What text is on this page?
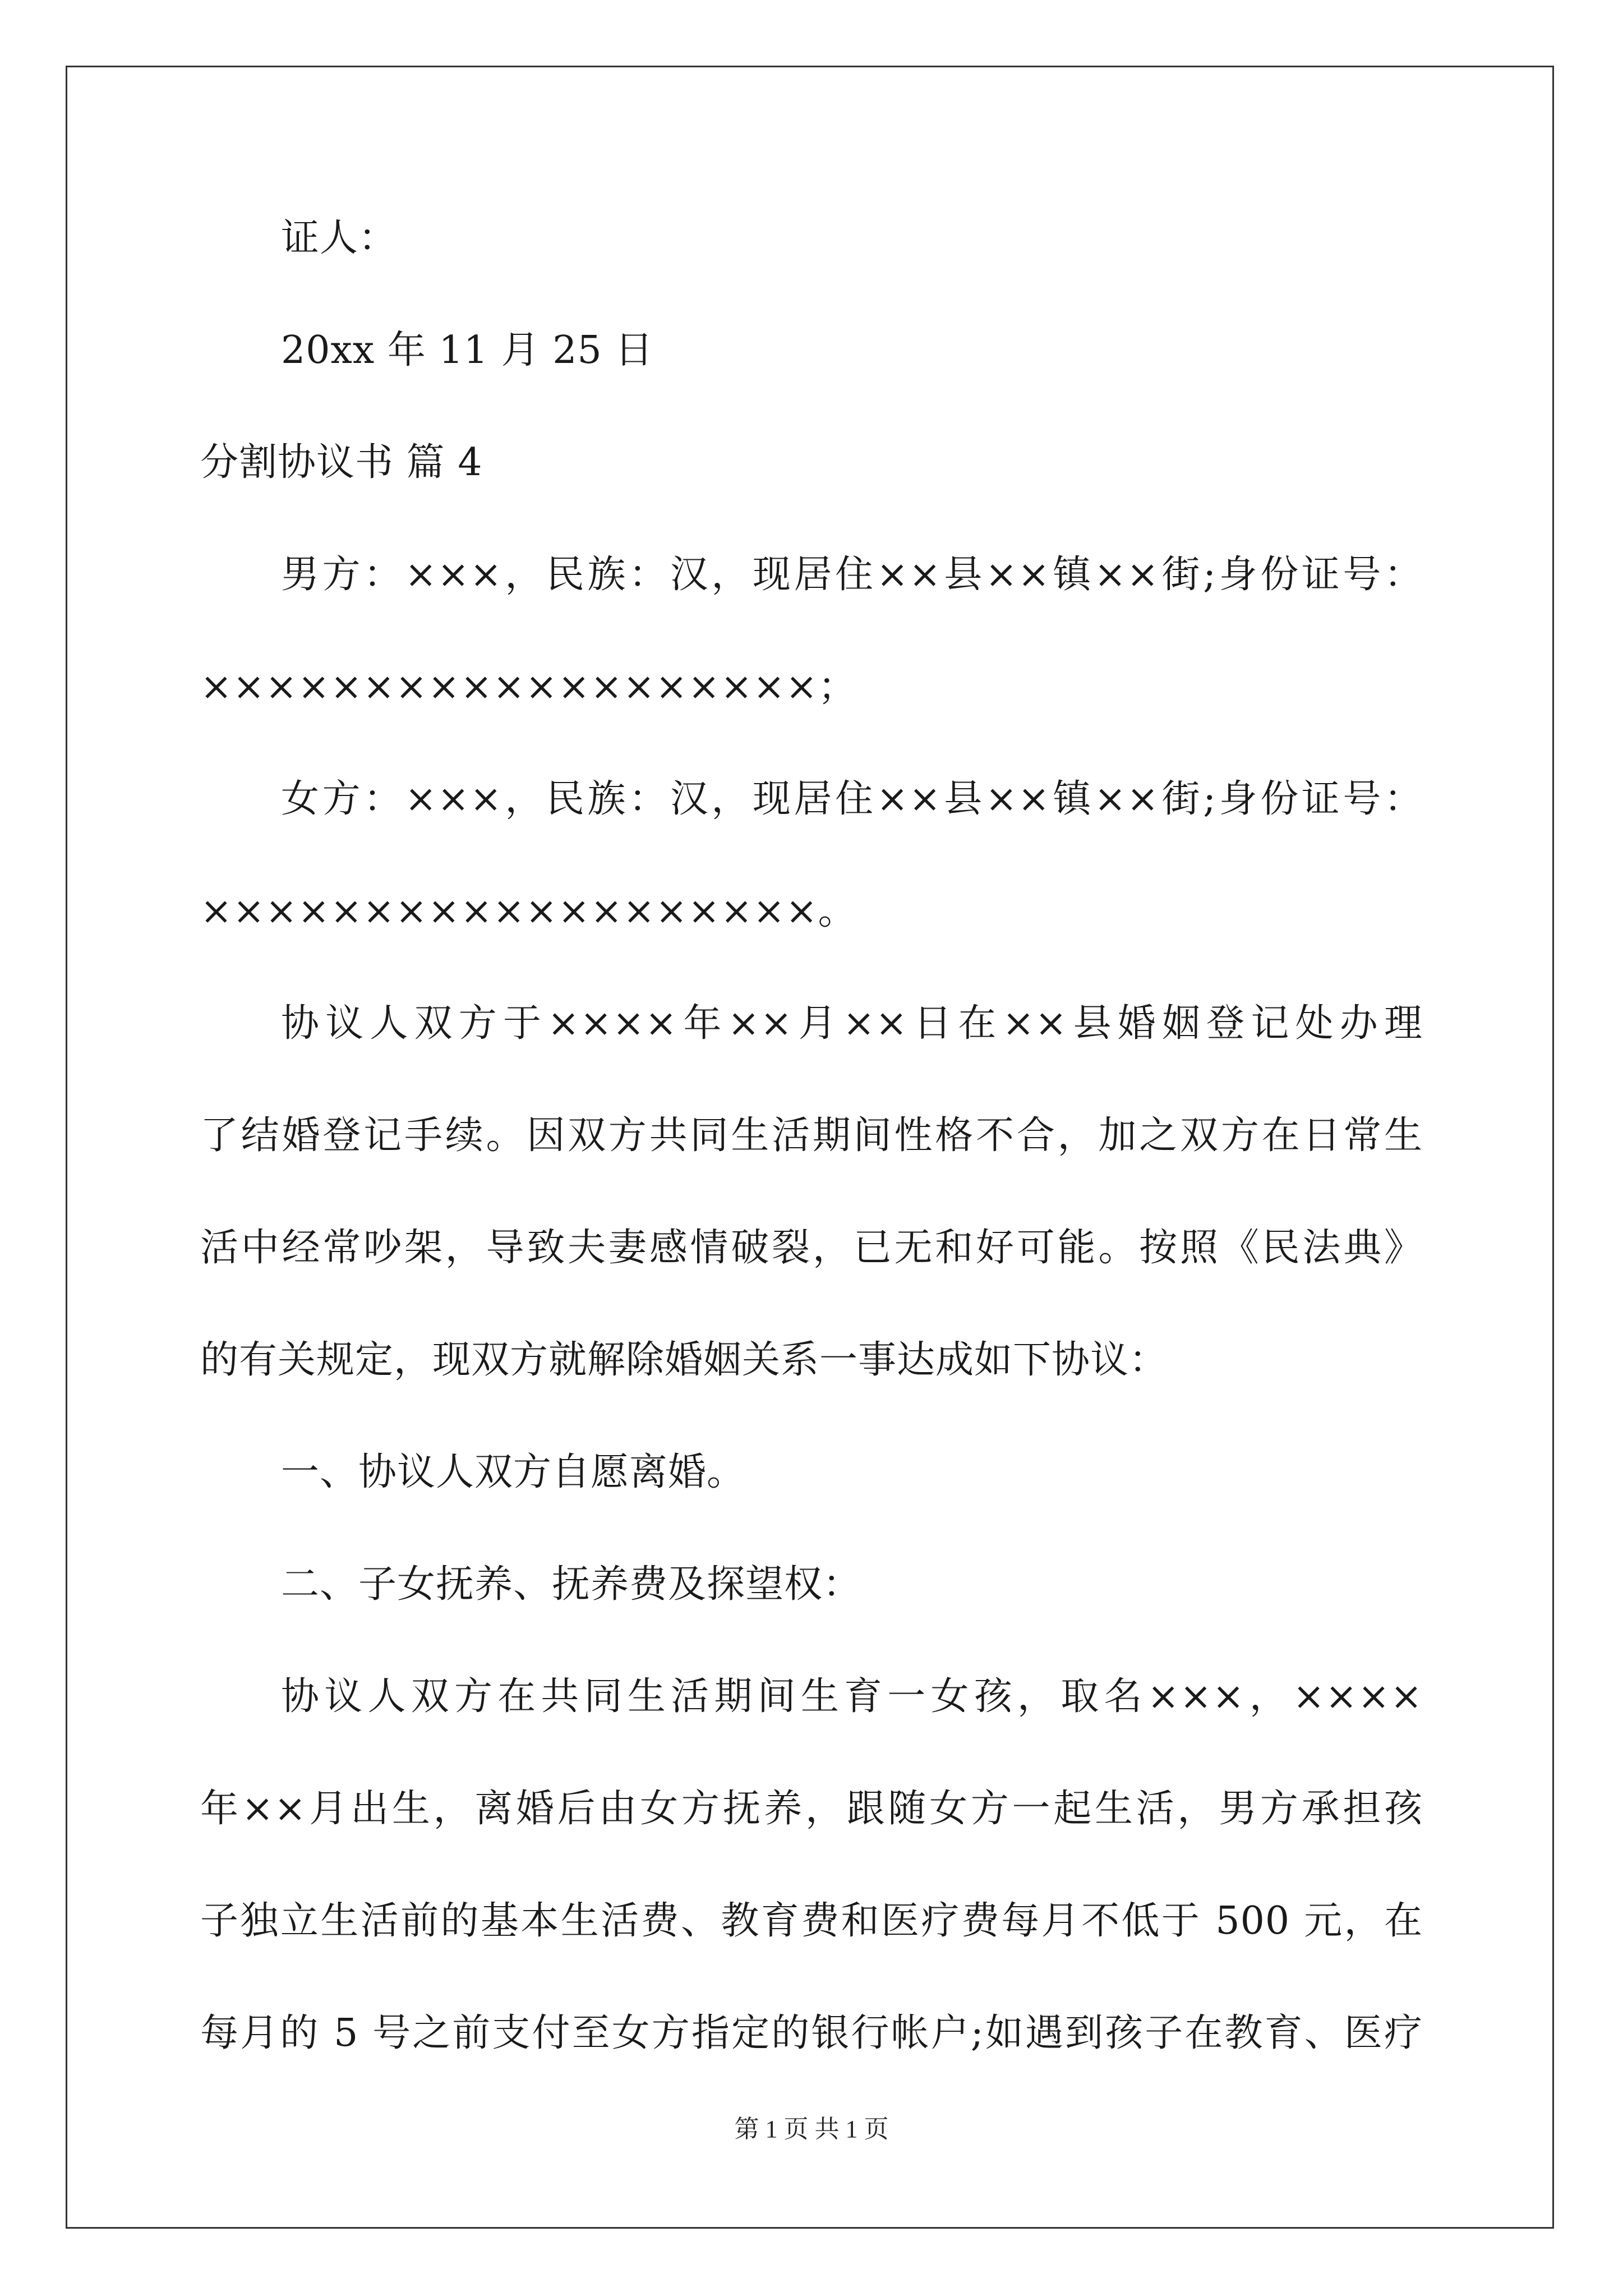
证人：
20xx 年 11 月 25 日
分割协议书 篇 4
男方：×××，民族：汉，现居住××县××镇××街;身份证号：
×××××××××××××××××××；
女方：×××，民族：汉，现居住××县××镇××街;身份证号：
×××××××××××××××××××。
协议人双方于××××年××月××日在××县婚姻登记处办理
了结婚登记手续。因双方共同生活期间性格不合，加之双方在日常生
活中经常吵架，导致夫妻感情破裂，已无和好可能。按照《民法典》
的有关规定，现双方就解除婚姻关系一事达成如下协议：
一、协议人双方自愿离婚。
二、子女抚养、抚养费及探望权：
协议人双方在共同生活期间生育一女孩，取名×××，××××
年××月出生，离婚后由女方抚养，跟随女方一起生活，男方承担孩
子独立生活前的基本生活费、教育费和医疗费每月不低于 500 元，在
每月的 5 号之前支付至女方指定的银行帐户;如遇到孩子在教育、医疗
第 1 页 共 1 页
